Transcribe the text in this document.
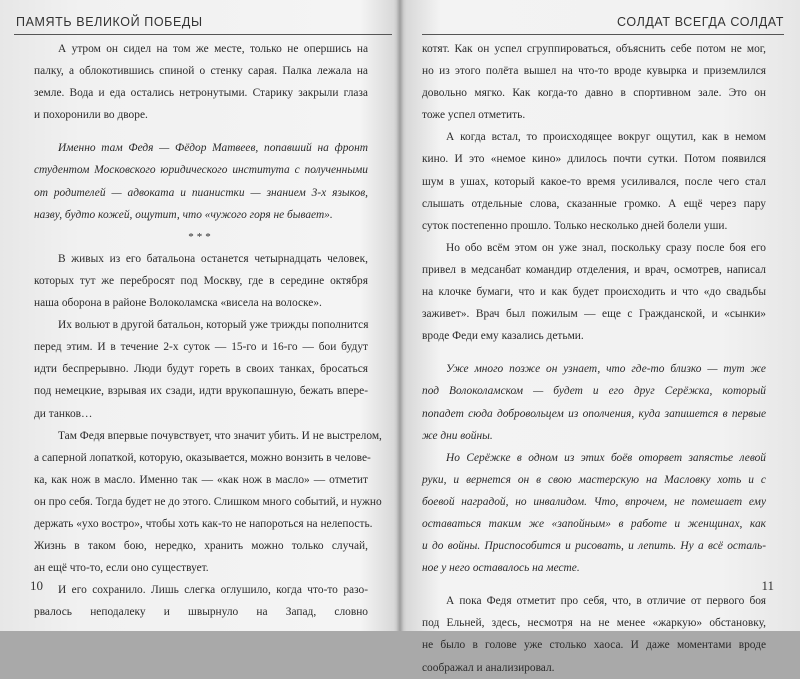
ПАМЯТЬ ВЕЛИКОЙ ПОБЕДЫ
А утром он сидел на том же месте, только не опершись на
палку, а облокотившись спиной о стенку сарая. Палка лежала на
земле. Вода и еда остались нетронутыми. Старику закрыли глаза
и похоронили во дворе.
Именно там Федя — Фёдор Матвеев, попавший на фронт
студентом Московского юридического института с полученными
от родителей — адвоката и пианистки — знанием 3-х языков,
назву, будто кожей, ощутит, что «чужого горя не бывает».
***
В живых из его батальона останется четырнадцать человек,
которых тут же перебросят под Москву, где в середине октября
наша оборона в районе Волоколамска «висела на волоске».
Их вольют в другой батальон, который уже трижды пополнится
перед этим. И в течение 2-х суток — 15-го и 16-го — бои будут
идти беспрерывно. Люди будут гореть в своих танках, бросаться
под немецкие, взрывая их сзади, идти врукопашную, бежать впере-
ди танков…
Там Федя впервые почувствует, что значит убить. И не выстрелом,
а саперной лопаткой, которую, оказывается, можно вонзить в челове-
ка, как нож в масло. Именно так — «как нож в масло» — отметит
он про себя. Тогда будет не до этого. Слишком много событий, и нужно
держать «ухо востро», чтобы хоть как-то не напороться на нелепость.
Жизнь в таком бою, нередко, хранить можно только случай,
ан ещё что-то, если оно существует.
И его сохранило. Лишь слегка оглушило, когда что-то разо-
рвалось неподалеку и швырнуло на Запад, словно
10
СОЛДАТ ВСЕГДА СОЛДАТ
котят. Как он успел сгруппироваться, объяснить себе потом не мог,
но из этого полёта вышел на что-то вроде кувырка и приземлился
довольно мягко. Как когда-то давно в спортивном зале. Это он
тоже успел отметить.
А когда встал, то происходящее вокруг ощутил, как в немом
кино. И это «немое кино» длилось почти сутки. Потом появился
шум в ушах, который какое-то время усиливался, после чего стал
слышать отдельные слова, сказанные громко. А ещё через пару
суток постепенно прошло. Только несколько дней болели уши.
Но обо всём этом он уже знал, поскольку сразу после боя его
привел в медсанбат командир отделения, и врач, осмотрев, написал
на клочке бумаги, что и как будет происходить и что «до свадьбы
заживет». Врач был пожилым — еще с Гражданской, и «сынки»
вроде Феди ему казались детьми.
Уже много позже он узнает, что где-то близко — тут же
под Волоколамском — будет и его друг Серёжка, который
попадет сюда добровольцем из ополчения, куда запишется в первые
же дни войны.
Но Серёжке в одном из этих боёв оторвет запястье левой
руки, и вернется он в свою мастерскую на Масловку хоть и с
боевой наградой, но инвалидом. Что, впрочем, не помешает ему
оставаться таким же «запойным» в работе и женщинах, как
и до войны. Приспособится и рисовать, и лепить. Ну а всё осталь-
ное у него оставалось на месте.
А пока Федя отметит про себя, что, в отличие от первого боя
под Ельней, здесь, несмотря на не менее «жаркую» обстановку,
не было в голове уже столько хаоса. И даже моментами вроде
соображал и анализировал.
11
